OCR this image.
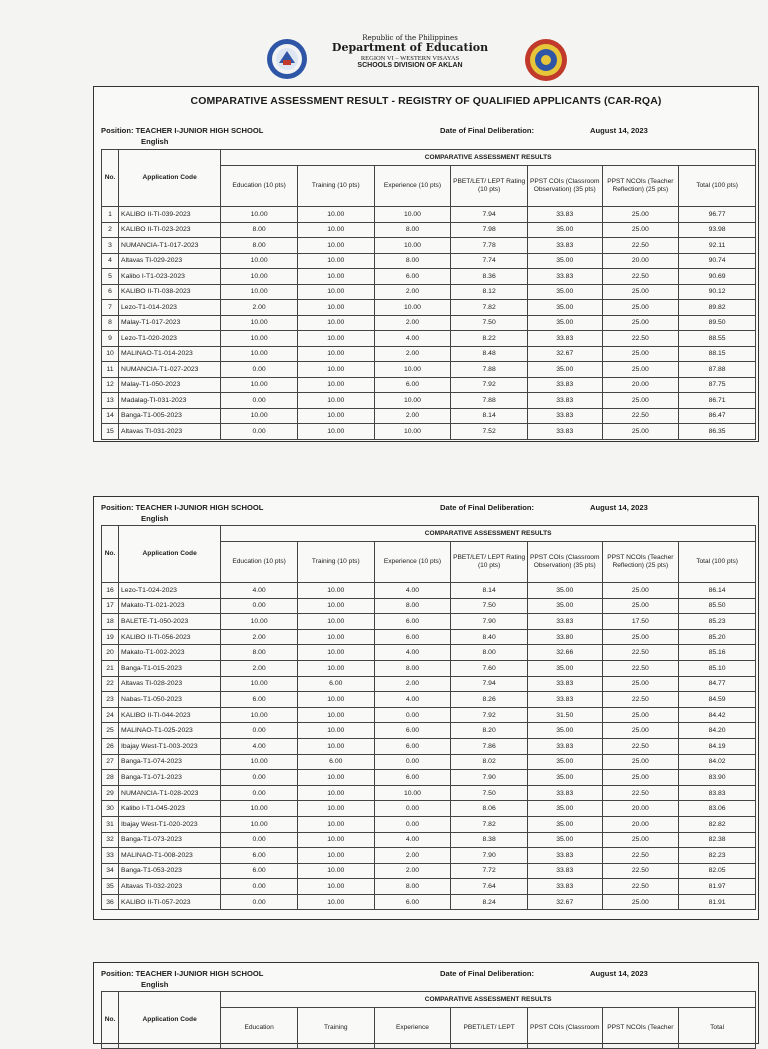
Republic of the Philippines
Department of Education
REGION VI – WESTERN VISAYAS
SCHOOLS DIVISION OF AKLAN
COMPARATIVE ASSESSMENT RESULT - REGISTRY OF QUALIFIED APPLICANTS (CAR-RQA)
Position: TEACHER I-JUNIOR HIGH SCHOOL
English
Date of Final Deliberation:	August 14, 2023
No.	Application Code	COMPARATIVE ASSESSMENT RESULTS						
		Education (10 pts)	Training (10 pts)	Experience (10 pts)	PBET/LET/ LEPT Rating (10 pts)	PPST COIs (Classroom Observation) (35 pts)	PPST NCOIs (Teacher Reflection) (25 pts)	Total (100 pts)
1	KALIBO II-TI-039-2023	10.00	10.00	10.00	7.94	33.83	25.00	96.77
2	KALIBO II-TI-023-2023	8.00	10.00	8.00	7.98	35.00	25.00	93.98
3	NUMANCIA-T1-017-2023	8.00	10.00	10.00	7.78	33.83	22.50	92.11
4	Altavas TI-029-2023	10.00	10.00	8.00	7.74	35.00	20.00	90.74
5	Kalibo I-T1-023-2023	10.00	10.00	6.00	8.36	33.83	22.50	90.69
6	KALIBO II-TI-038-2023	10.00	10.00	2.00	8.12	35.00	25.00	90.12
7	Lezo-T1-014-2023	2.00	10.00	10.00	7.82	35.00	25.00	89.82
8	Malay-T1-017-2023	10.00	10.00	2.00	7.50	35.00	25.00	89.50
9	Lezo-T1-020-2023	10.00	10.00	4.00	8.22	33.83	22.50	88.55
10	MALINAO-T1-014-2023	10.00	10.00	2.00	8.48	32.67	25.00	88.15
11	NUMANCIA-T1-027-2023	0.00	10.00	10.00	7.88	35.00	25.00	87.88
12	Malay-T1-050-2023	10.00	10.00	6.00	7.92	33.83	20.00	87.75
13	Madalag-TI-031-2023	0.00	10.00	10.00	7.88	33.83	25.00	86.71
14	Banga-T1-005-2023	10.00	10.00	2.00	8.14	33.83	22.50	86.47
15	Altavas TI-031-2023	0.00	10.00	10.00	7.52	33.83	25.00	86.35
Position: TEACHER I-JUNIOR HIGH SCHOOL
English
Date of Final Deliberation:	August 14, 2023
No.	Application Code	COMPARATIVE ASSESSMENT RESULTS						
		Education (10 pts)	Training (10 pts)	Experience (10 pts)	PBET/LET/ LEPT Rating (10 pts)	PPST COIs (Classroom Observation) (35 pts)	PPST NCOIs (Teacher Reflection) (25 pts)	Total (100 pts)
16	Lezo-T1-024-2023	4.00	10.00	4.00	8.14	35.00	25.00	86.14
17	Makato-T1-021-2023	0.00	10.00	8.00	7.50	35.00	25.00	85.50
18	BALETE-T1-050-2023	10.00	10.00	6.00	7.90	33.83	17.50	85.23
19	KALIBO II-TI-056-2023	2.00	10.00	6.00	8.40	33.80	25.00	85.20
20	Makato-T1-002-2023	8.00	10.00	4.00	8.00	32.66	22.50	85.16
21	Banga-T1-015-2023	2.00	10.00	8.00	7.60	35.00	22.50	85.10
22	Altavas TI-028-2023	10.00	6.00	2.00	7.94	33.83	25.00	84.77
23	Nabas-T1-050-2023	6.00	10.00	4.00	8.26	33.83	22.50	84.59
24	KALIBO II-TI-044-2023	10.00	10.00	0.00	7.92	31.50	25.00	84.42
25	MALINAO-T1-025-2023	0.00	10.00	6.00	8.20	35.00	25.00	84.20
26	Ibajay West-T1-003-2023	4.00	10.00	6.00	7.86	33.83	22.50	84.19
27	Banga-T1-074-2023	10.00	6.00	0.00	8.02	35.00	25.00	84.02
28	Banga-T1-071-2023	0.00	10.00	6.00	7.90	35.00	25.00	83.90
29	NUMANCIA-T1-028-2023	0.00	10.00	10.00	7.50	33.83	22.50	83.83
30	Kalibo I-T1-045-2023	10.00	10.00	0.00	8.06	35.00	20.00	83.06
31	Ibajay West-T1-020-2023	10.00	10.00	0.00	7.82	35.00	20.00	82.82
32	Banga-T1-073-2023	0.00	10.00	4.00	8.38	35.00	25.00	82.38
33	MALINAO-T1-008-2023	6.00	10.00	2.00	7.90	33.83	22.50	82.23
34	Banga-T1-053-2023	6.00	10.00	2.00	7.72	33.83	22.50	82.05
35	Altavas TI-032-2023	0.00	10.00	8.00	7.64	33.83	22.50	81.97
36	KALIBO II-TI-057-2023	0.00	10.00	6.00	8.24	32.67	25.00	81.91
Position: TEACHER I-JUNIOR HIGH SCHOOL
English
Date of Final Deliberation:	August 14, 2023
No.	Application Code	COMPARATIVE ASSESSMENT RESULTS						
		Education	Training	Experience	PBET/LET/ LEPT	PPST COIs (Classroom	PPST NCOIs (Teacher	Total
